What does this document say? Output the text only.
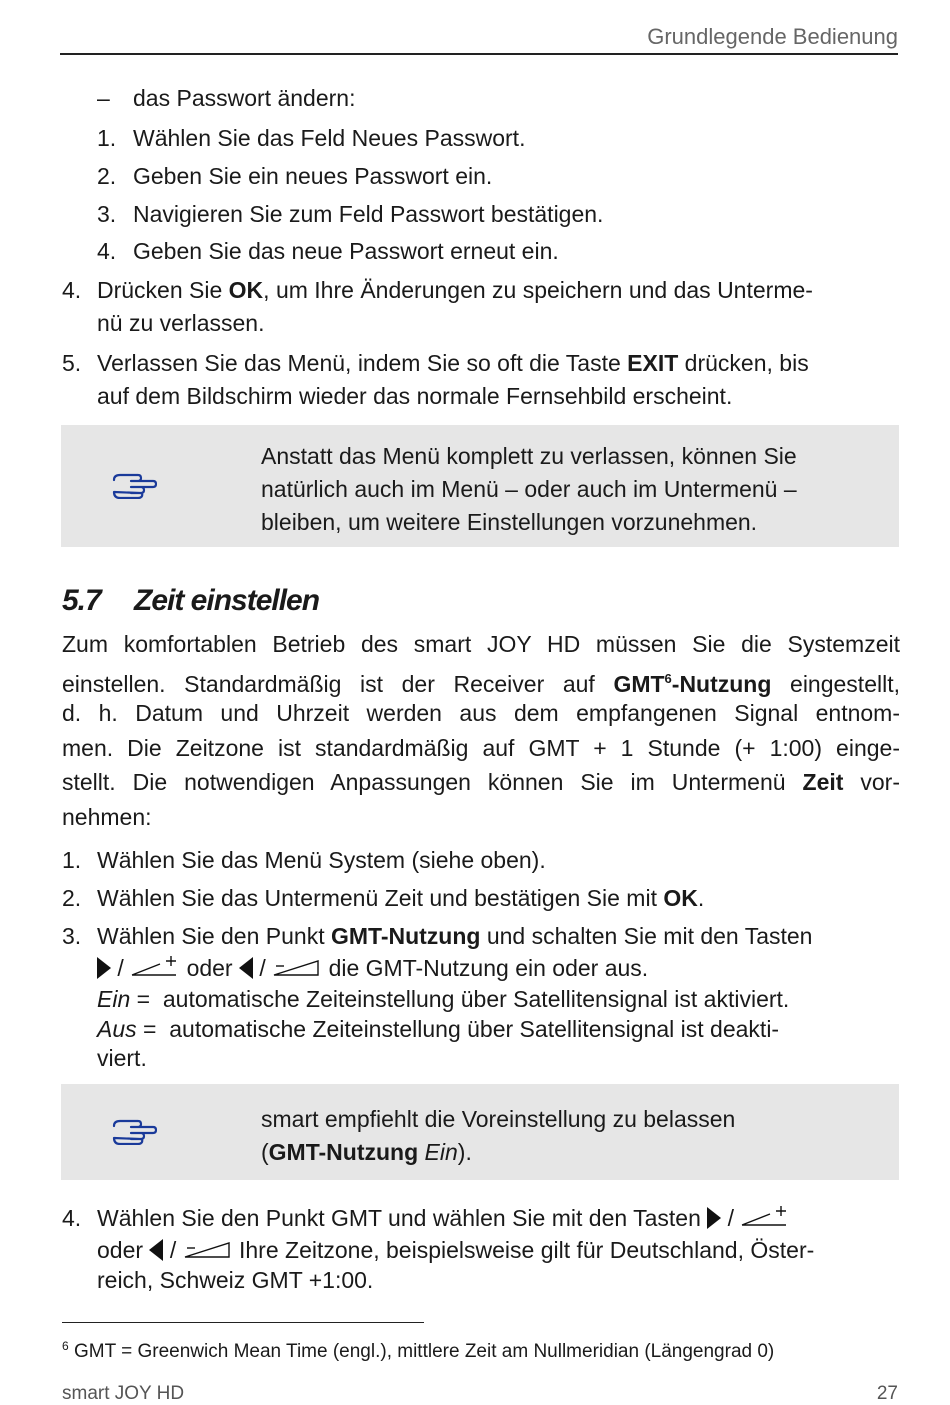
Grundlegende Bedienung
– das Passwort ändern:
1. Wählen Sie das Feld Neues Passwort.
2. Geben Sie ein neues Passwort ein.
3. Navigieren Sie zum Feld Passwort bestätigen.
4. Geben Sie das neue Passwort erneut ein.
4. Drücken Sie OK, um Ihre Änderungen zu speichern und das Unterme-
nü zu verlassen.
5. Verlassen Sie das Menü, indem Sie so oft die Taste EXIT drücken, bis
auf dem Bildschirm wieder das normale Fernsehbild erscheint.
Anstatt das Menü komplett zu verlassen, können Sie
natürlich auch im Menü – oder auch im Untermenü –
bleiben, um weitere Einstellungen vorzunehmen.
5.7 Zeit einstellen
Zum komfortablen Betrieb des smart JOY HD müssen Sie die Systemzeit
einstellen. Standardmäßig ist der Receiver auf GMT$^6$-Nutzung eingestellt,
d. h. Datum und Uhrzeit werden aus dem empfangenen Signal entnom-
men. Die Zeitzone ist standardmäßig auf GMT + 1 Stunde (+ 1:00) einge-
stellt. Die notwendigen Anpassungen können Sie im Untermenü Zeit vor-
nehmen:
1. Wählen Sie das Menü System (siehe oben).
2. Wählen Sie das Untermenü Zeit und bestätigen Sie mit OK.
3. Wählen Sie den Punkt GMT-Nutzung und schalten Sie mit den Tasten
/	oder /	die GMT-Nutzung ein oder aus.
Ein = automatische Zeiteinstellung über Satellitensignal ist aktiviert.
Aus = automatische Zeiteinstellung über Satellitensignal ist deakti-
viert.
smart empfiehlt die Voreinstellung zu belassen
(GMT-Nutzung Ein).
4. Wählen Sie den Punkt GMT und wählen Sie mit den Tasten /
oder /	Ihre Zeitzone, beispielsweise gilt für Deutschland, Öster-
reich, Schweiz GMT +1:00.
$^6$ GMT = Greenwich Mean Time (engl.), mittlere Zeit am Nullmeridian (Längengrad 0)
smart JOY HD	27
